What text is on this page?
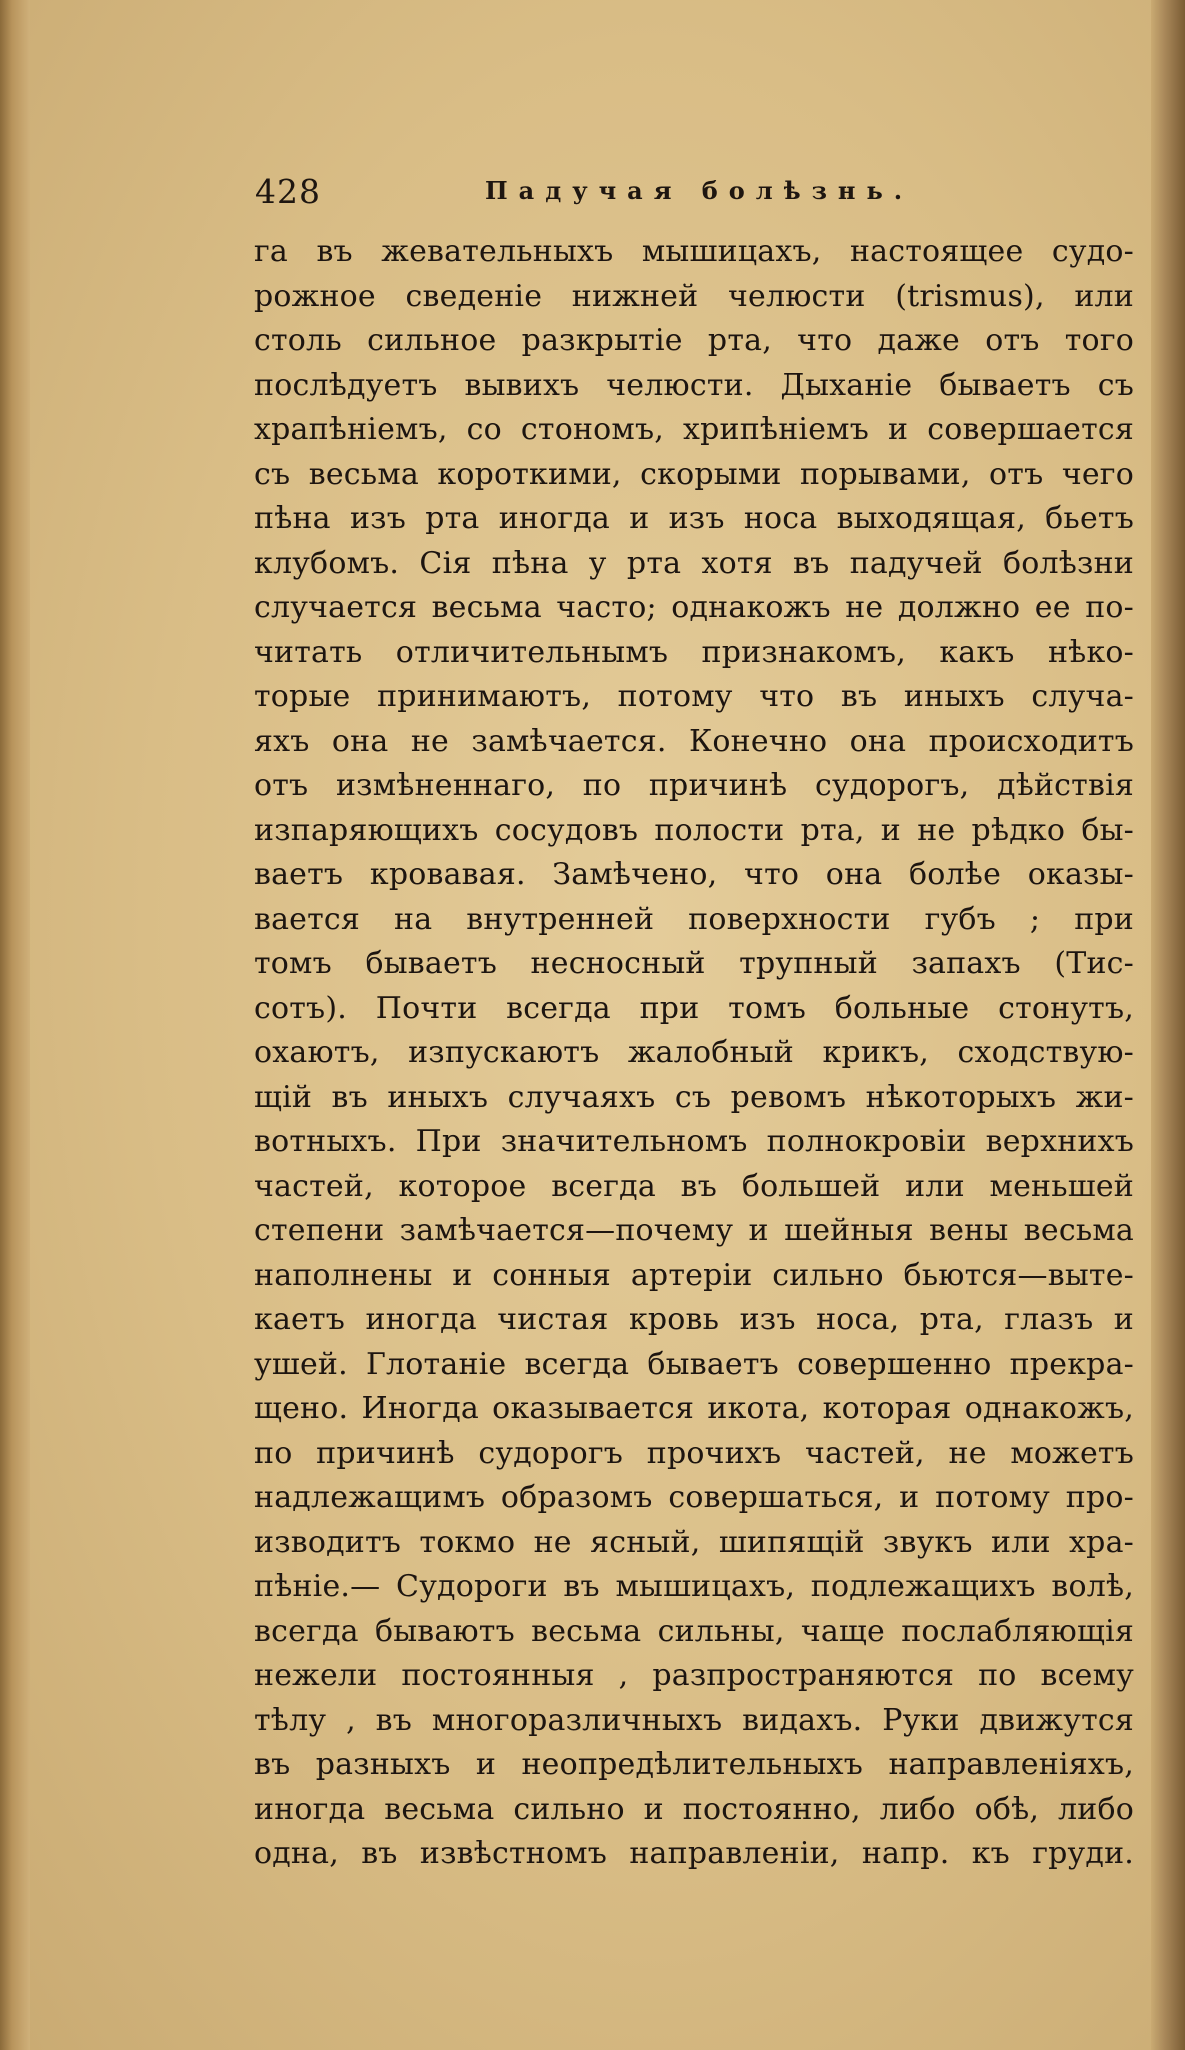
428	Падучая болѣзнь.
га въ жевательныхъ мышицахъ, настоящее судо-
рожное сведеніе нижней челюсти (trismus), или
столь сильное разкрытіе рта, что даже отъ того
послѣдуетъ вывихъ челюсти. Дыханіе бываетъ съ
храпѣніемъ, со стономъ, хрипѣніемъ и совершается
съ весьма короткими, скорыми порывами, отъ чего
пѣна изъ рта иногда и изъ носа выходящая, бьетъ
клубомъ. Сія пѣна у рта хотя въ падучей болѣзни
случается весьма часто; однакожъ не должно ее по-
читать отличительнымъ признакомъ, какъ нѣко-
торые принимаютъ, потому что въ иныхъ случа-
яхъ она не замѣчается. Конечно она происходитъ
отъ измѣненнаго, по причинѣ судорогъ, дѣйствія
изпаряющихъ сосудовъ полости рта, и не рѣдко бы-
ваетъ кровавая. Замѣчено, что она болѣе оказы-
вается на внутренней поверхности губъ ; при
томъ бываетъ несносный трупный запахъ (Тис-
сотъ). Почти всегда при томъ больные стонутъ,
охаютъ, изпускаютъ жалобный крикъ, сходствую-
щій въ иныхъ случаяхъ съ ревомъ нѣкоторыхъ жи-
вотныхъ. При значительномъ полнокровіи верхнихъ
частей, которое всегда въ большей или меньшей
степени замѣчается—почему и шейныя вены весьма
наполнены и сонныя артеріи сильно бьются—выте-
каетъ иногда чистая кровь изъ носа, рта, глазъ и
ушей. Глотаніе всегда бываетъ совершенно прекра-
щено. Иногда оказывается икота, которая однакожъ,
по причинѣ судорогъ прочихъ частей, не можетъ
надлежащимъ образомъ совершаться, и потому про-
изводитъ токмо не ясный, шипящій звукъ или хра-
пѣніе.— Судороги въ мышицахъ, подлежащихъ волѣ,
всегда бываютъ весьма сильны, чаще послабляющія
нежели постоянныя , разпространяются по всему
тѣлу , въ многоразличныхъ видахъ. Руки движутся
въ разныхъ и неопредѣлительныхъ направленіяхъ,
иногда весьма сильно и постоянно, либо обѣ, либо
одна, въ извѣстномъ направленіи, напр. къ груди.
